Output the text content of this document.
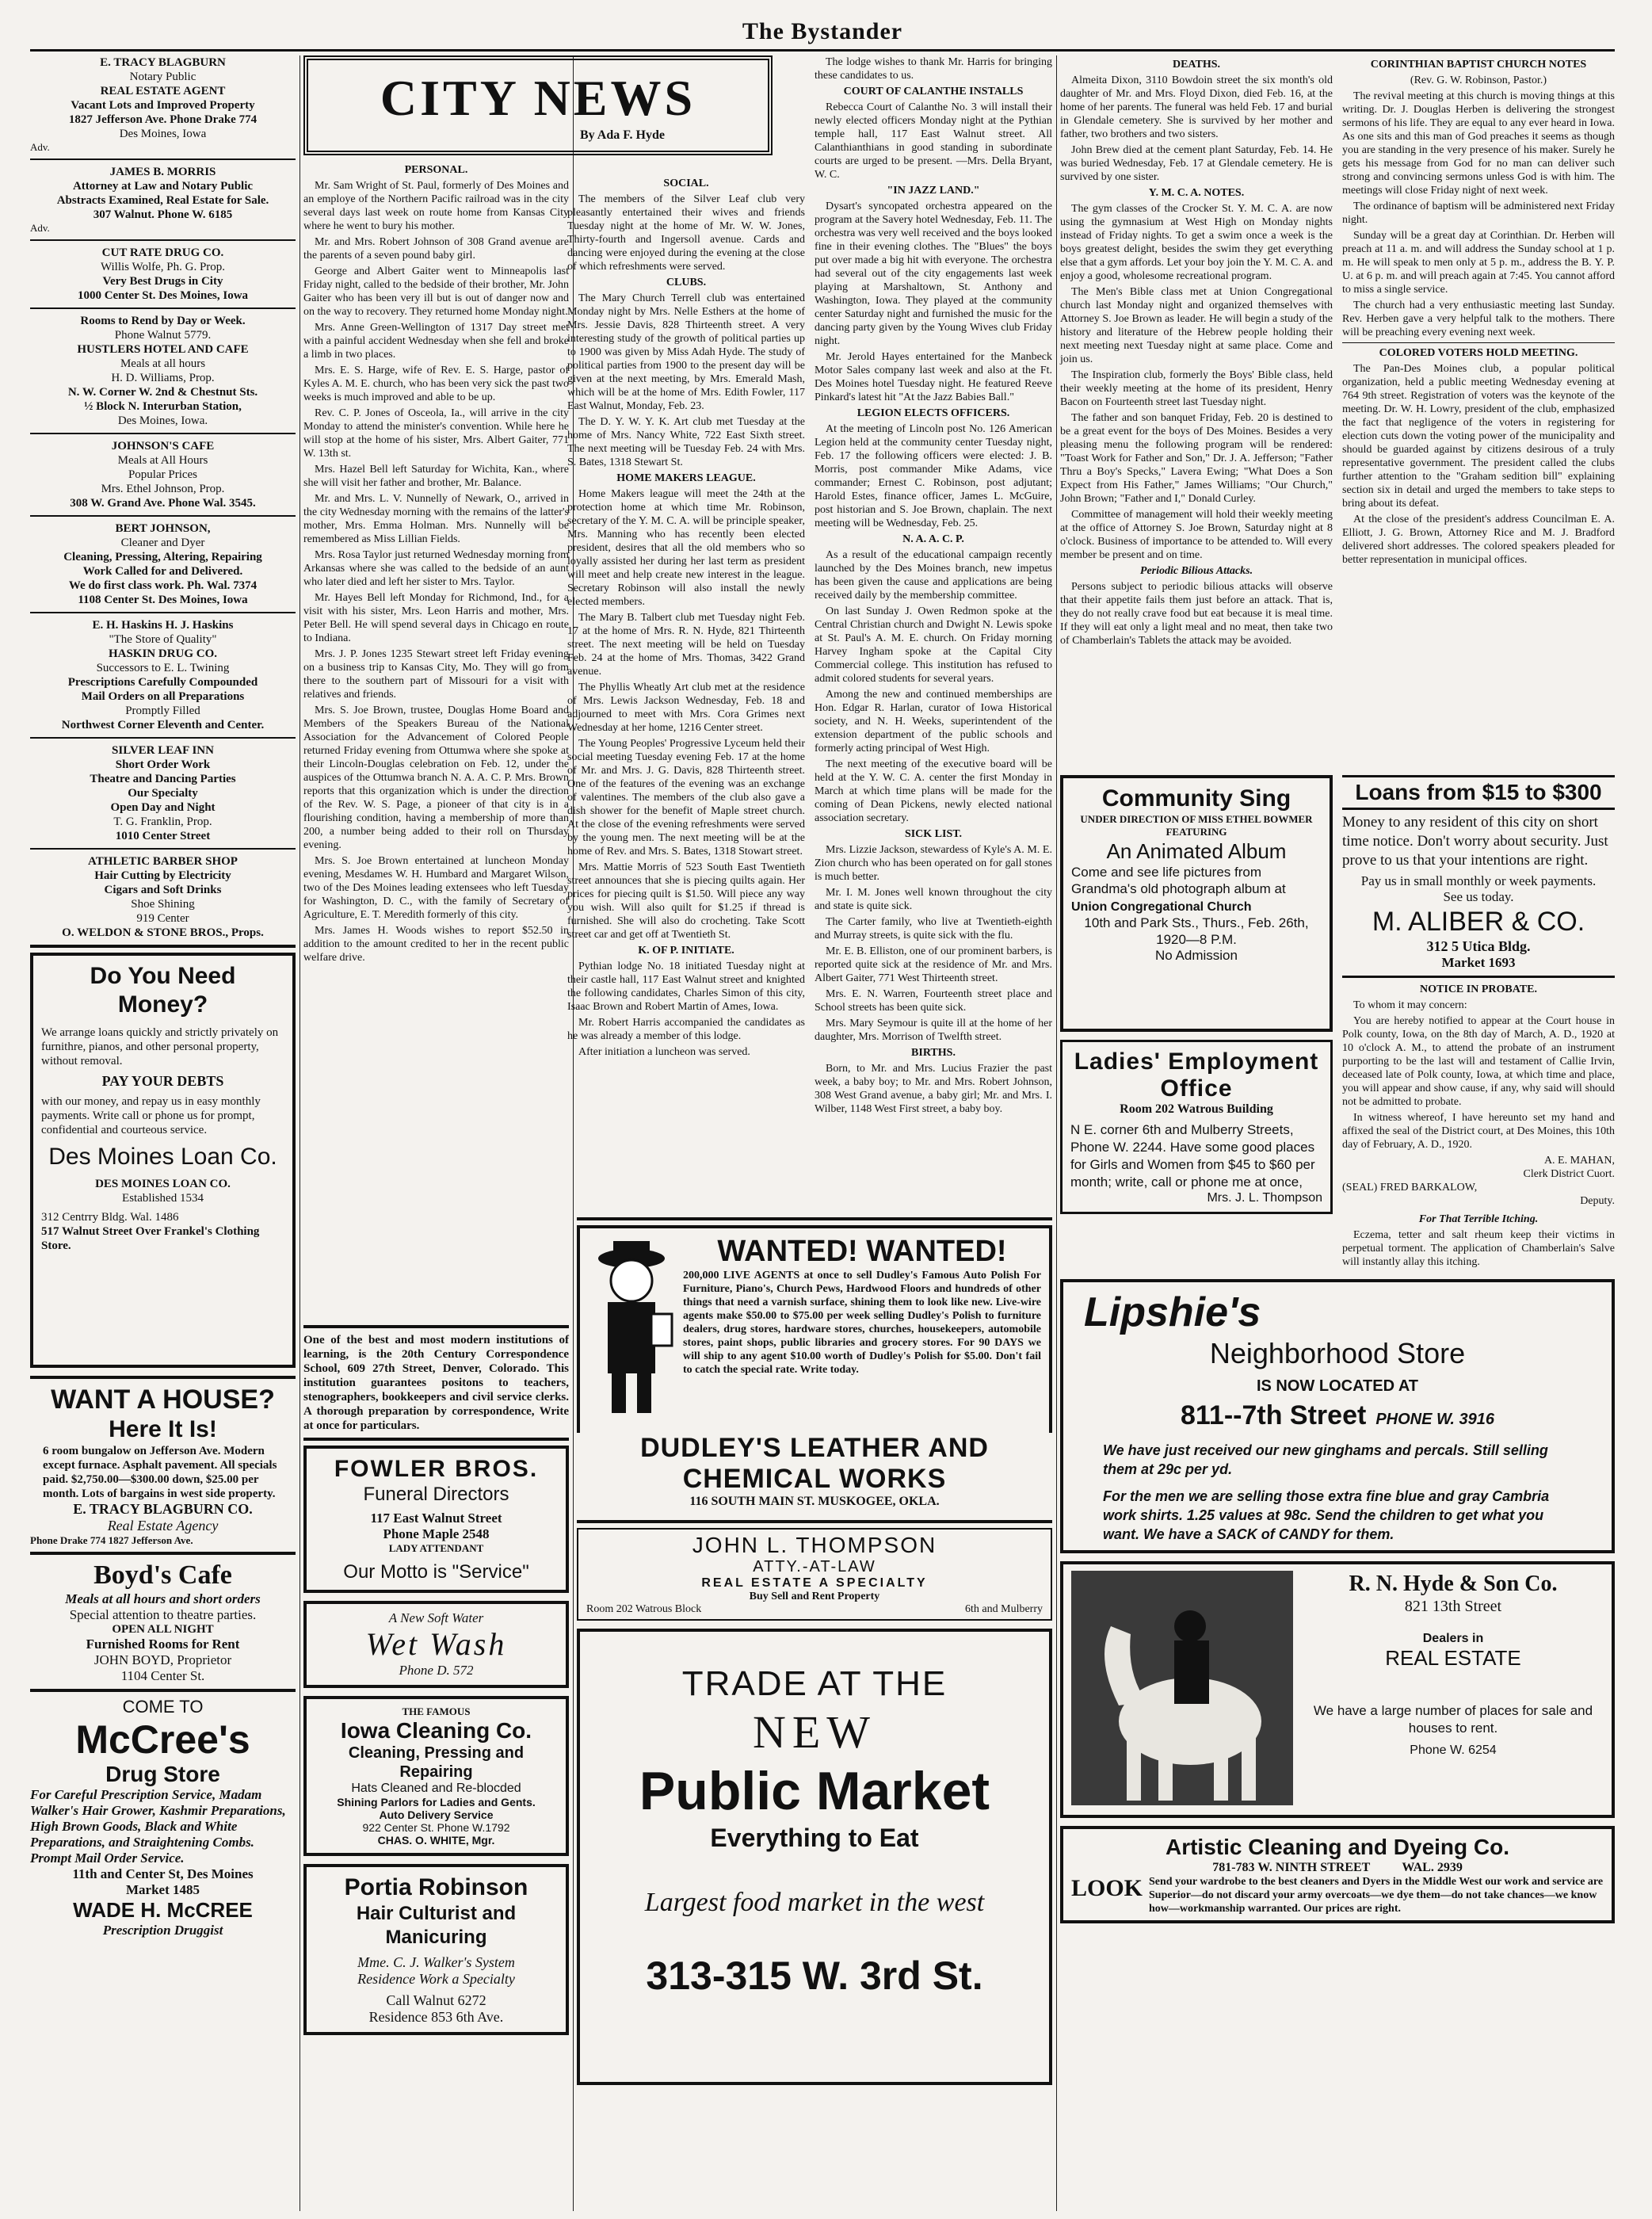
The Bystander
E. TRACY BLAGBURN
Notary Public
REAL ESTATE AGENT
Vacant Lots and Improved Property
1827 Jefferson Ave. Phone Drake 774
Des Moines, Iowa
Adv.
JAMES B. MORRIS
Attorney at Law and Notary Public
Abstracts Examined, Real Estate for Sale.
307 Walnut. Phone W. 6185
Adv.
CUT RATE DRUG CO.
Willis Wolfe, Ph. G. Prop.
Very Best Drugs in City
1000 Center St. Des Moines, Iowa
Rooms to Rend by Day or Week.
Phone Walnut 5779.
HUSTLERS HOTEL AND CAFE
Meals at all hours
H. D. Williams, Prop.
N. W. Corner W. 2nd & Chestnut Sts.
½ Block N. Interurban Station,
Des Moines, Iowa.
JOHNSON'S CAFE
Meals at All Hours
Popular Prices
Mrs. Ethel Johnson, Prop.
308 W. Grand Ave. Phone Wal. 3545.
BERT JOHNSON,
Cleaner and Dyer
Cleaning, Pressing, Altering, Repairing
Work Called for and Delivered.
We do first class work. Ph. Wal. 7374
1108 Center St. Des Moines, Iowa
E. H. Haskins H. J. Haskins
"The Store of Quality"
HASKIN DRUG CO.
Successors to E. L. Twining
Prescriptions Carefully Compounded
Mail Orders on all Preparations
Promptly Filled
Northwest Corner Eleventh and Center.
SILVER LEAF INN
Short Order Work
Theatre and Dancing Parties
Our Specialty
Open Day and Night
T. G. Franklin, Prop.
1010 Center Street
ATHLETIC BARBER SHOP
Hair Cutting by Electricity
Cigars and Soft Drinks
Shoe Shining
919 Center
O. WELDON & STONE BROS., Props.
Do You Need Money?
We arrange loans quickly and strictly privately on furnithre, pianos, and other personal property, without removal.
PAY YOUR DEBTS
with our money, and repay us in easy monthly payments. Write call or phone us for prompt, confidential and courteous service.
Des Moines Loan Co.
DES MOINES LOAN CO.
Established 1534
312 Centrry Bldg. Wal. 1486
517 Walnut Street Over Frankel's Clothing Store.
WANT A HOUSE?
Here It Is!
6 room bungalow on Jefferson Ave. Modern except furnace. Asphalt pavement. All specials paid. $2,750.00—$300.00 down, $25.00 per month. Lots of bargains in west side property.
E. TRACY BLAGBURN CO.
Real Estate Agency
Phone Drake 774 1827 Jefferson Ave.
Boyd's Cafe
Meals at all hours and short orders
Special attention to theatre parties.
OPEN ALL NIGHT
Furnished Rooms for Rent
JOHN BOYD, Proprietor
1104 Center St.
COME TO
McCree's
Drug Store
For Careful Prescription Service, Madam Walker's Hair Grower, Kashmir Preparations, High Brown Goods, Black and White Preparations, and Straightening Combs. Prompt Mail Order Service.
11th and Center St, Des Moines
Market 1485
WADE H. McCREE
Prescription Druggist
CITY NEWS
By Ada F. Hyde
PERSONAL.

Mr. Sam Wright of St. Paul, formerly of Des Moines and an employe of the Northern Pacific railroad was in the city several days last week on route home from Kansas City where he went to bury his mother.

Mr. and Mrs. Robert Johnson of 308 Grand avenue are the parents of a seven pound baby girl.

George and Albert Gaiter went to Minneapolis last Friday night, called to the bedside of their brother, Mr. John Gaiter who has been very ill but is out of danger now and on the way to recovery. They returned home Monday night.

Mrs. Anne Green-Wellington of 1317 Day street met with a painful accident Wednesday when she fell and broke a limb in two places.

Mrs. E. S. Harge, wife of Rev. E. S. Harge, pastor of Kyles A. M. E. church, who has been very sick the past two weeks is much improved and able to be up.

Rev. C. P. Jones of Osceola, Ia., will arrive in the city Monday to attend the minister's convention. While here he will stop at the home of his sister, Mrs. Albert Gaiter, 771 W. 13th st.

Mrs. Hazel Bell left Saturday for Wichita, Kan., where she will visit her father and brother, Mr. Balance.

Mr. and Mrs. L. V. Nunnelly of Newark, O., arrived in the city Wednesday morning with the remains of the latter's mother, Mrs. Emma Holman. Mrs. Nunnelly will be remembered as Miss Lillian Fields.

Mrs. Rosa Taylor just returned Wednesday morning from Arkansas where she was called to the bedside of an aunt who later died and left her sister to Mrs. Taylor.

Mr. Hayes Bell left Monday for Richmond, Ind., for a visit with his sister, Mrs. Leon Harris and mother, Mrs. Peter Bell. He will spend several days in Chicago en route to Indiana.

Mrs. J. P. Jones 1235 Stewart street left Friday evening on a business trip to Kansas City, Mo. They will go from there to the southern part of Missouri for a visit with relatives and friends.

Mrs. S. Joe Brown, trustee, Douglas Home Board and Members of the Speakers Bureau of the National Association for the Advancement of Colored People returned Friday evening from Ottumwa where she spoke at their Lincoln-Douglas celebration on Feb. 12, under the auspices of the Ottumwa branch N. A. A. C. P. Mrs. Brown reports that this organization which is under the direction of the Rev. W. S. Page, a pioneer of that city is in a flourishing condition, having a membership of more than 200, a number being added to their roll on Thursday evening.

Mrs. S. Joe Brown entertained at luncheon Monday evening, Mesdames W. H. Humbard and Margaret Wilson, two of the Des Moines leading extensees who left Tuesday for Washington, D. C., with the family of Secretary of Agriculture, E. T. Meredith formerly of this city.

Mrs. James H. Woods wishes to report $52.50 in addition to the amount credited to her in the recent public welfare drive.

One of the best and most modern institutions of learning, is the 20th Century Correspondence School, 609 27th Street, Denver, Colorado. This institution guarantees positons to teachers, stenographers, bookkeepers and civil service clerks. A thorough preparation by correspondence, Write at once for particulars.
FOWLER BROS.
Funeral Directors
117 East Walnut Street
Phone Maple 2548
LADY ATTENDANT
Our Motto is "Service"
A New Soft Water
Wet Wash
Phone D. 572
THE FAMOUS
Iowa Cleaning Co.
Cleaning, Pressing and Repairing
Hats Cleaned and Re-blocded
Shining Parlors for Ladies and Gents.
Auto Delivery Service
922 Center St. Phone W.1792
CHAS. O. WHITE, Mgr.
Portia Robinson
Hair Culturist and Manicuring
Mme. C. J. Walker's System
Residence Work a Specialty
Call Walnut 6272
Residence 853 6th Ave.
SOCIAL.

The members of the Silver Leaf club very pleasantly entertained their wives and friends Tuesday night at the home of Mr. W. W. Jones, Thirty-fourth and Ingersoll avenue. Cards and dancing were enjoyed during the evening at the close of which refreshments were served.

CLUBS.

The Mary Church Terrell club was entertained Monday night by Mrs. Nelle Esthers at the home of Mrs. Jessie Davis, 828 Thirteenth street. A very interesting study of the growth of political parties up to 1900 was given by Miss Adah Hyde. The study of political parties from 1900 to the present day will be given at the next meeting, by Mrs. Emerald Mash, which will be at the home of Mrs. Edith Fowler, 117 East Walnut, Monday, Feb. 23.

The D. Y. W. Y. K. Art club met Tuesday at the home of Mrs. Nancy White, 722 East Sixth street. The next meeting will be Tuesday Feb. 24 with Mrs. S. Bates, 1318 Stewart St.

HOME MAKERS LEAGUE.

Home Makers league will meet the 24th at the protection home at which time Mr. Robinson, secretary of the Y. M. C. A. will be principle speaker, Mrs. Manning who has recently been elected president, desires that all the old members who so loyally assisted her during her last term as president will meet and help create new interest in the league. Secretary Robinson will also install the newly elected members.

The Mary B. Talbert club met Tuesday night Feb. 17 at the home of Mrs. R. N. Hyde, 821 Thirteenth street. The next meeting will be held on Tuesday Feb. 24 at the home of Mrs. Thomas, 3422 Grand avenue.

The Phyllis Wheatly Art club met at the residence of Mrs. Lewis Jackson Wednesday, Feb. 18 and adjourned to meet with Mrs. Cora Grimes next Wednesday at her home, 1216 Center street.

The Young Peoples' Progressive Lyceum held their social meeting Tuesday evening Feb. 17 at the home of Mr. and Mrs. J. G. Davis, 828 Thirteenth street. One of the features of the evening was an exchange of valentines. The members of the club also gave a dish shower for the benefit of Maple street church. At the close of the evening refreshments were served by the young men. The next meeting will be at the home of Rev. and Mrs. S. Bates, 1318 Stowart street.

Mrs. Mattie Morris of 523 South East Twentieth street announces that she is piecing quilts again. Her prices for piecing quilt is $1.50. Will piece any way you wish. Will also quilt for $1.25 if thread is furnished. She will also do crocheting. Take Scott street car and get off at Twentieth St.

K. OF P. INITIATE.

Pythian lodge No. 18 initiated Tuesday night at their castle hall, 117 East Walnut street and knighted the following candidates, Charles Simon of this city, Isaac Brown and Robert Martin of Ames, Iowa.

Mr. Robert Harris accompanied the candidates as he was already a member of this lodge.

After initiation a luncheon was served.

The lodge wishes to thank Mr. Harris for bringing these candidates to us.

COURT OF CALANTHE INSTALLS

Rebecca Court of Calanthe No. 3 will install their newly elected officers Monday night at the Pythian temple hall, 117 East Walnut street. All Calanthianthians in good standing in subordinate courts are urged to be present. —Mrs. Della Bryant, W. C.

"IN JAZZ LAND."

Dysart's syncopated orchestra appeared on the program at the Savery hotel Wednesday, Feb. 11. The orchestra was very well received and the boys looked fine in their evening clothes. The "Blues" the boys put over made a big hit with everyone. The orchestra had several out of the city engagements last week playing at Marshaltown, St. Anthony and Washington, Iowa. They played at the community center Saturday night and furnished the music for the dancing party given by the Young Wives club Friday night.

Mr. Jerold Hayes entertained for the Manbeck Motor Sales company last week and also at the Ft. Des Moines hotel Tuesday night. He featured Reeve Pinkard's latest hit "At the Jazz Babies Ball."

LEGION ELECTS OFFICERS.

At the meeting of Lincoln post No. 126 American Legion held at the community center Tuesday night, Feb. 17 the following officers were elected: J. B. Morris, post commander Mike Adams, vice commander; Ernest C. Robinson, post adjutant; Harold Estes, finance officer, James L. McGuire, post historian and S. Joe Brown, chaplain. The next meeting will be Wednesday, Feb. 25.

N. A. A. C. P.

As a result of the educational campaign recently launched by the Des Moines branch, new impetus has been given the cause and applications are being received daily by the membership committee.

On last Sunday J. Owen Redmon spoke at the Central Christian church and Dwight N. Lewis spoke at St. Paul's A. M. E. church. On Friday morning Harvey Ingham spoke at the Capital City Commercial college. This institution has refused to admit colored students for several years.

Among the new and continued memberships are Hon. Edgar R. Harlan, curator of Iowa Historical society, and N. H. Weeks, superintendent of the extension department of the public schools and formerly acting principal of West High.

The next meeting of the executive board will be held at the Y. W. C. A. center the first Monday in March at which time plans will be made for the coming of Dean Pickens, newly elected national association secretary.

SICK LIST.

Mrs. Lizzie Jackson, stewardess of Kyle's A. M. E. Zion church who has been operated on for gall stones is much better.

Mr. I. M. Jones well known throughout the city and state is quite sick.

The Carter family, who live at Twentieth-eighth and Murray streets, is quite sick with the flu.

Mr. E. B. Elliston, one of our prominent barbers, is reported quite sick at the residence of Mr. and Mrs. Albert Gaiter, 771 West Thirteenth street.

Mrs. E. N. Warren, Fourteenth street place and School streets has been quite sick.

Mrs. Mary Seymour is quite ill at the home of her daughter, Mrs. Morrison of Twelfth street.

BIRTHS.

Born, to Mr. and Mrs. Lucius Frazier the past week, a baby boy; to Mr. and Mrs. Robert Johnson, 308 West Grand avenue, a baby girl; Mr. and Mrs. I. Wilber, 1148 West First street, a baby boy.

WANTED! WANTED!
200,000 LIVE AGENTS at once to sell Dudley's Famous Auto Polish For Furniture, Piano's, Church Pews, Hardwood Floors and hundreds of other things that need a varnish surface, shining them to look like new. Live-wire agents make $50.00 to $75.00 per week selling Dudley's Polish to furniture dealers, drug stores, hardware stores, churches, housekeepers, automobile stores, paint shops, public libraries and grocery stores. For 90 DAYS we will ship to any agent $10.00 worth of Dudley's Polish for $5.00. Don't fail to catch the special rate. Write today.
DUDLEY'S LEATHER AND CHEMICAL WORKS
116 SOUTH MAIN ST. MUSKOGEE, OKLA.
JOHN L. THOMPSON
ATTY.-AT-LAW
REAL ESTATE A SPECIALTY
Buy Sell and Rent Property
Room 202 Watrous Block	6th and Mulberry
TRADE AT THE
NEW
Public Market
Everything to Eat
Largest food market in the west
313-315 W. 3rd St.
DEATHS.

Almeita Dixon, 3110 Bowdoin street the six month's old daughter of Mr. and Mrs. Floyd Dixon, died Feb. 16, at the home of her parents. The funeral was held Feb. 17 and burial in Glendale cemetery. She is survived by her mother and father, two brothers and two sisters.

John Brew died at the cement plant Saturday, Feb. 14. He was buried Wednesday, Feb. 17 at Glendale cemetery. He is survived by one sister.

Y. M. C. A. NOTES.

The gym classes of the Crocker St. Y. M. C. A. are now using the gymnasium at West High on Monday nights instead of Friday nights. To get a swim once a week is the boys greatest delight, besides the swim they get everything else that a gym affords. Let your boy join the Y. M. C. A. and enjoy a good, wholesome recreational program.

The Men's Bible class met at Union Congregational church last Monday night and organized themselves with Attorney S. Joe Brown as leader. He will begin a study of the history and literature of the Hebrew people holding their next meeting next Tuesday night at same place. Come and join us.

The Inspiration club, formerly the Boys' Bible class, held their weekly meeting at the home of its president, Henry Bacon on Fourteenth street last Tuesday night.

The father and son banquet Friday, Feb. 20 is destined to be a great event for the boys of Des Moines. Besides a very pleasing menu the following program will be rendered: "Toast Work for Father and Son," Dr. J. A. Jefferson; "Father Thru a Boy's Specks," Lavera Ewing; "What Does a Son Expect from His Father," James Williams; "Our Church," John Brown; "Father and I," Donald Curley.

Committee of management will hold their weekly meeting at the office of Attorney S. Joe Brown, Saturday night at 8 o'clock. Business of importance to be attended to. Will every member be present and on time.

Periodic Bilious Attacks.

Persons subject to periodic bilious attacks will observe that their appetite fails them just before an attack. That is, they do not really crave food but eat because it is meal time. If they will eat only a light meal and no meat, then take two of Chamberlain's Tablets the attack may be avoided.

CORINTHIAN BAPTIST CHURCH NOTES
(Rev. G. W. Robinson, Pastor.)

The revival meeting at this church is moving things at this writing. Dr. J. Douglas Herben is delivering the strongest sermons of his life. They are equal to any ever heard in Iowa. As one sits and this man of God preaches it seems as though you are standing in the very presence of his maker. Surely he gets his message from God for no man can deliver such strong and convincing sermons unless God is with him. The meetings will close Friday night of next week.

The ordinance of baptism will be administered next Friday night.

Sunday will be a great day at Corinthian. Dr. Herben will preach at 11 a. m. and will address the Sunday school at 1 p. m. He will speak to men only at 5 p. m., address the B. Y. P. U. at 6 p. m. and will preach again at 7:45. You cannot afford to miss a single service.

The church had a very enthusiastic meeting last Sunday. Rev. Herben gave a very helpful talk to the mothers. There will be preaching every evening next week.

COLORED VOTERS HOLD MEETING.

The Pan-Des Moines club, a popular political organization, held a public meeting Wednesday evening at 764 9th street. Registration of voters was the keynote of the meeting. Dr. W. H. Lowry, president of the club, emphasized the fact that negligence of the voters in registering for election cuts down the voting power of the municipality and should be guarded against by citizens desirous of a truly representative government. The president called the clubs further attention to the "Graham sedition bill" explaining section six in detail and urged the members to take steps to bring about its defeat.

At the close of the president's address Councilman E. A. Elliott, J. G. Brown, Attorney Rice and M. J. Bradford delivered short addresses. The colored speakers pleaded for better representation in municipal offices.

Community Sing
UNDER DIRECTION OF MISS ETHEL BOWMER
FEATURING
An Animated Album
Come and see life pictures from Grandma's old photograph album at
Union Congregational Church
10th and Park Sts., Thurs., Feb. 26th, 1920—8 P.M.
No Admission
Ladies' Employment Office
Room 202 Watrous Building
N E. corner 6th and Mulberry Streets, Phone W. 2244. Have some good places for Girls and Women from $45 to $60 per month; write, call or phone me at once,
Mrs. J. L. Thompson
Loans from $15 to $300
Money to any resident of this city on short time notice. Don't worry about security. Just prove to us that your intentions are right.
Pay us in small monthly or week payments.
See us today.
M. ALIBER & CO.
312 5 Utica Bldg.
Market 1693
NOTICE IN PROBATE.

To whom it may concern:

You are hereby notified to appear at the Court house in Polk county, Iowa, on the 8th day of March, A. D., 1920 at 10 o'clock A. M., to attend the probate of an instrument purporting to be the last will and testament of Callie Irvin, deceased late of Polk county, Iowa, at which time and place, you will appear and show cause, if any, why said will should not be admitted to probate.

In witness whereof, I have hereunto set my hand and affixed the seal of the District court, at Des Moines, this 10th day of February, A. D., 1920.

A. E. MAHAN,
Clerk District Cuort.
(SEAL) FRED BARKALOW,
Deputy.
For That Terrible Itching.

Eczema, tetter and salt rheum keep their victims in perpetual torment. The application of Chamberlain's Salve will instantly allay this itching.

Lipshie's
Neighborhood Store
IS NOW LOCATED AT
811--7th Street PHONE W. 3916
We have just received our new ginghams and percals. Still selling them at 29c per yd.
For the men we are selling those extra fine blue and gray Cambria work shirts. 1.25 values at 98c. Send the children to get what you want. We have a SACK of CANDY for them.
R. N. Hyde & Son Co.
821 13th Street
Dealers in
REAL ESTATE
We have a large number of places for sale and houses to rent.
Phone W. 6254
Artistic Cleaning and Dyeing Co.
781-783 W. NINTH STREET	WAL. 2939
LOOK Send your wardrobe to the best cleaners and Dyers in the Middle West our work and service are Superior—do not discard your army overcoats—we dye them—do not take chances—we know how—workmanship warranted. Our prices are right.
